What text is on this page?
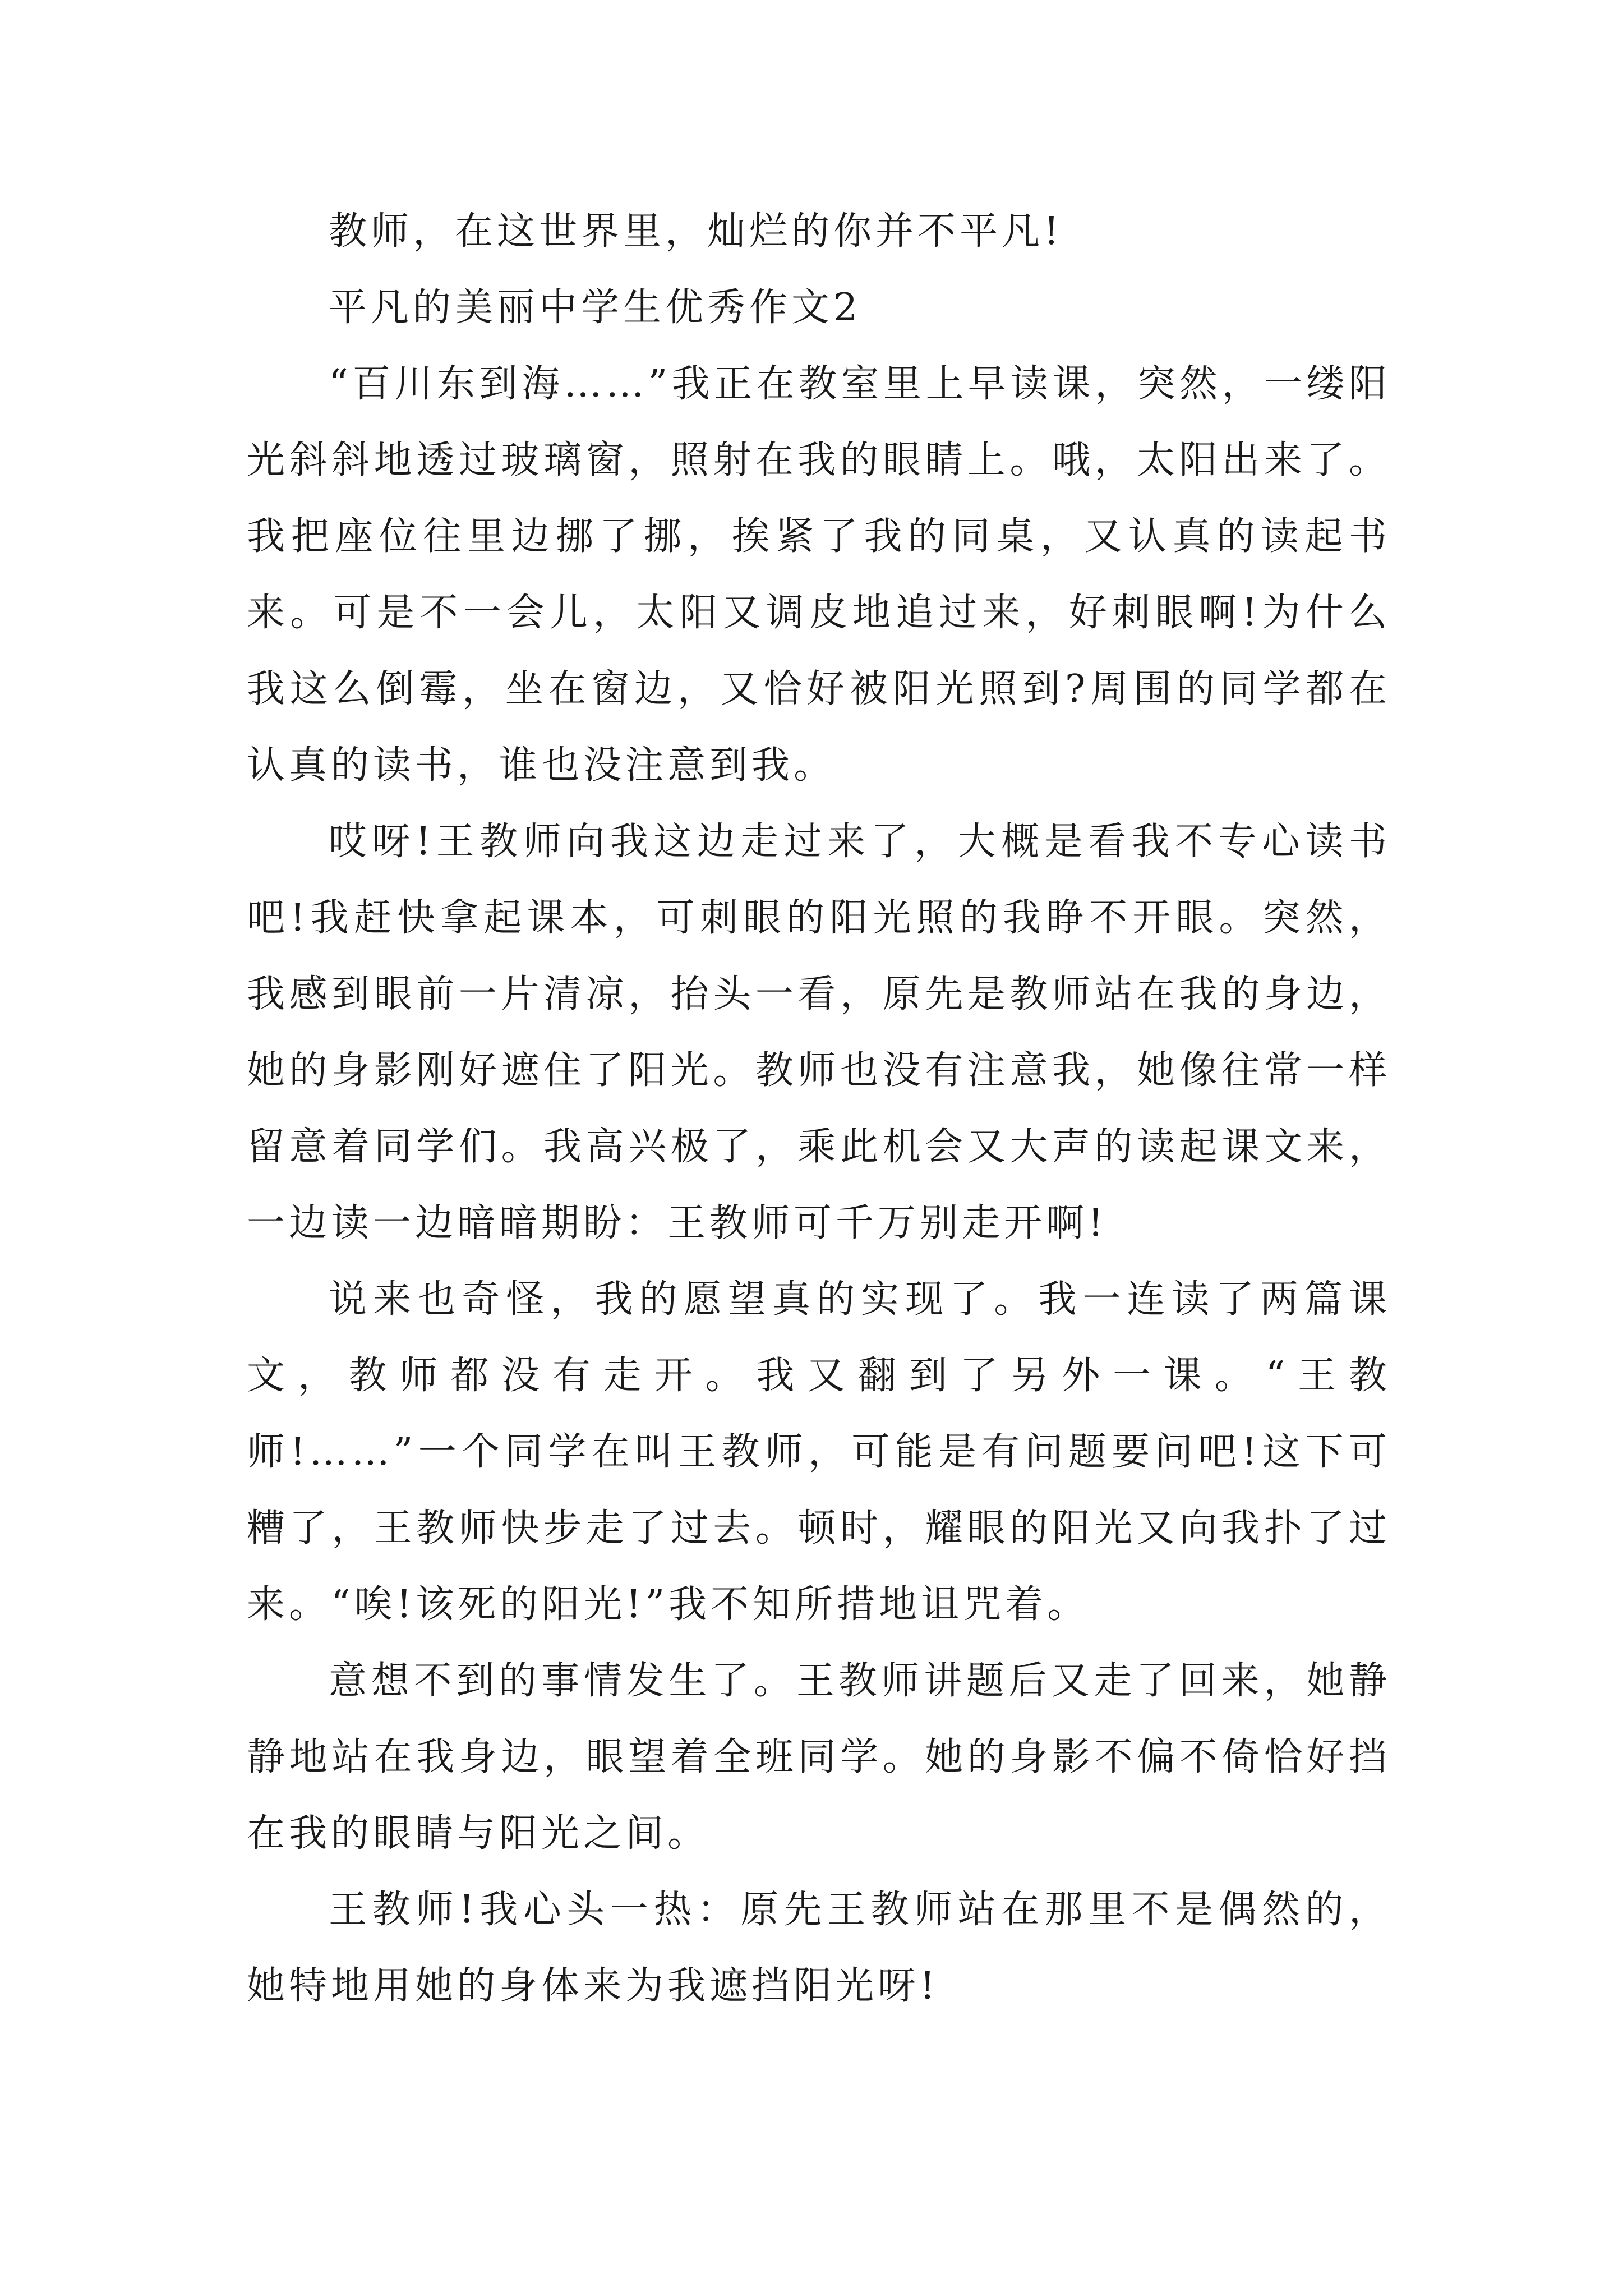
教师，在这世界里，灿烂的你并不平凡!

平凡的美丽中学生优秀作文2

“百川东到海……”我正在教室里上早读课，突然，一缕阳光斜斜地透过玻璃窗，照射在我的眼睛上。哦，太阳出来了。我把座位往里边挪了挪，挨紧了我的同桌，又认真的读起书来。可是不一会儿，太阳又调皮地追过来，好刺眼啊!为什么我这么倒霉，坐在窗边，又恰好被阳光照到?周围的同学都在认真的读书，谁也没注意到我。

哎呀!王教师向我这边走过来了，大概是看我不专心读书吧!我赶快拿起课本，可刺眼的阳光照的我睁不开眼。突然，我感到眼前一片清凉，抬头一看，原先是教师站在我的身边，她的身影刚好遮住了阳光。教师也没有注意我，她像往常一样留意着同学们。我高兴极了，乘此机会又大声的读起课文来，一边读一边暗暗期盼：王教师可千万别走开啊!

说来也奇怪，我的愿望真的实现了。我一连读了两篇课文，教师都没有走开。我又翻到了另外一课。“王教师!……”一个同学在叫王教师，可能是有问题要问吧!这下可糟了，王教师快步走了过去。顿时，耀眼的阳光又向我扑了过来。“唉!该死的阳光!”我不知所措地诅咒着。

意想不到的事情发生了。王教师讲题后又走了回来，她静静地站在我身边，眼望着全班同学。她的身影不偏不倚恰好挡在我的眼睛与阳光之间。

王教师!我心头一热：原先王教师站在那里不是偶然的，她特地用她的身体来为我遮挡阳光呀!
